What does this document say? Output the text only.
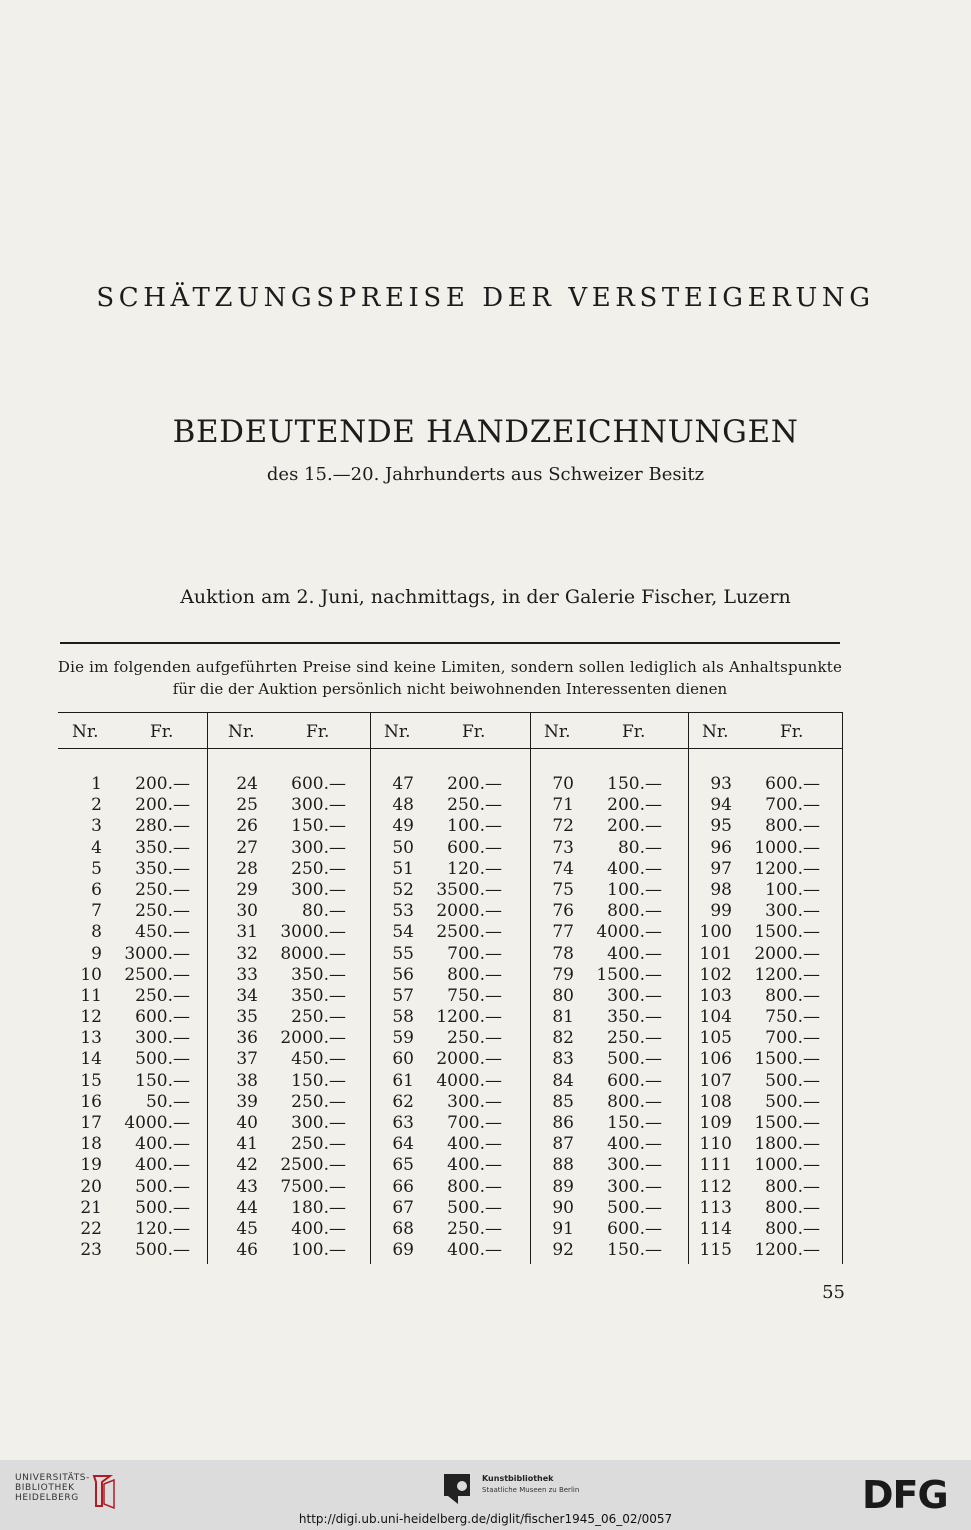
SCHÄTZUNGSPREISE DER VERSTEIGERUNG
BEDEUTENDE HANDZEICHNUNGEN
des 15.—20. Jahrhunderts aus Schweizer Besitz
Auktion am 2. Juni, nachmittags, in der Galerie Fischer, Luzern
Die im folgenden aufgeführten Preise sind keine Limiten, sondern sollen lediglich als Anhaltspunkte
für die der Auktion persönlich nicht beiwohnenden Interessenten dienen
Nr.	Fr.
1	200.—
2	200.—
3	280.—
4	350.—
5	350.—
6	250.—
7	250.—
8	450.—
9	3000.—
10	2500.—
11	250.—
12	600.—
13	300.—
14	500.—
15	150.—
16	50.—
17	4000.—
18	400.—
19	400.—
20	500.—
21	500.—
22	120.—
23	500.—
Nr.	Fr.
24	600.—
25	300.—
26	150.—
27	300.—
28	250.—
29	300.—
30	80.—
31	3000.—
32	8000.—
33	350.—
34	350.—
35	250.—
36	2000.—
37	450.—
38	150.—
39	250.—
40	300.—
41	250.—
42	2500.—
43	7500.—
44	180.—
45	400.—
46	100.—
Nr.	Fr.
47	200.—
48	250.—
49	100.—
50	600.—
51	120.—
52	3500.—
53	2000.—
54	2500.—
55	700.—
56	800.—
57	750.—
58	1200.—
59	250.—
60	2000.—
61	4000.—
62	300.—
63	700.—
64	400.—
65	400.—
66	800.—
67	500.—
68	250.—
69	400.—
Nr.	Fr.
70	150.—
71	200.—
72	200.—
73	80.—
74	400.—
75	100.—
76	800.—
77	4000.—
78	400.—
79	1500.—
80	300.—
81	350.—
82	250.—
83	500.—
84	600.—
85	800.—
86	150.—
87	400.—
88	300.—
89	300.—
90	500.—
91	600.—
92	150.—
Nr.	Fr.
93	600.—
94	700.—
95	800.—
96	1000.—
97	1200.—
98	100.—
99	300.—
100	1500.—
101	2000.—
102	1200.—
103	800.—
104	750.—
105	700.—
106	1500.—
107	500.—
108	500.—
109	1500.—
110	1800.—
111	1000.—
112	800.—
113	800.—
114	800.—
115	1200.—
55
UNIVERSITÄTS-
BIBLIOTHEK
HEIDELBERG
Kunstbibliothek
Staatliche Museen zu Berlin	DFG
http://digi.ub.uni-heidelberg.de/diglit/fischer1945_06_02/0057
